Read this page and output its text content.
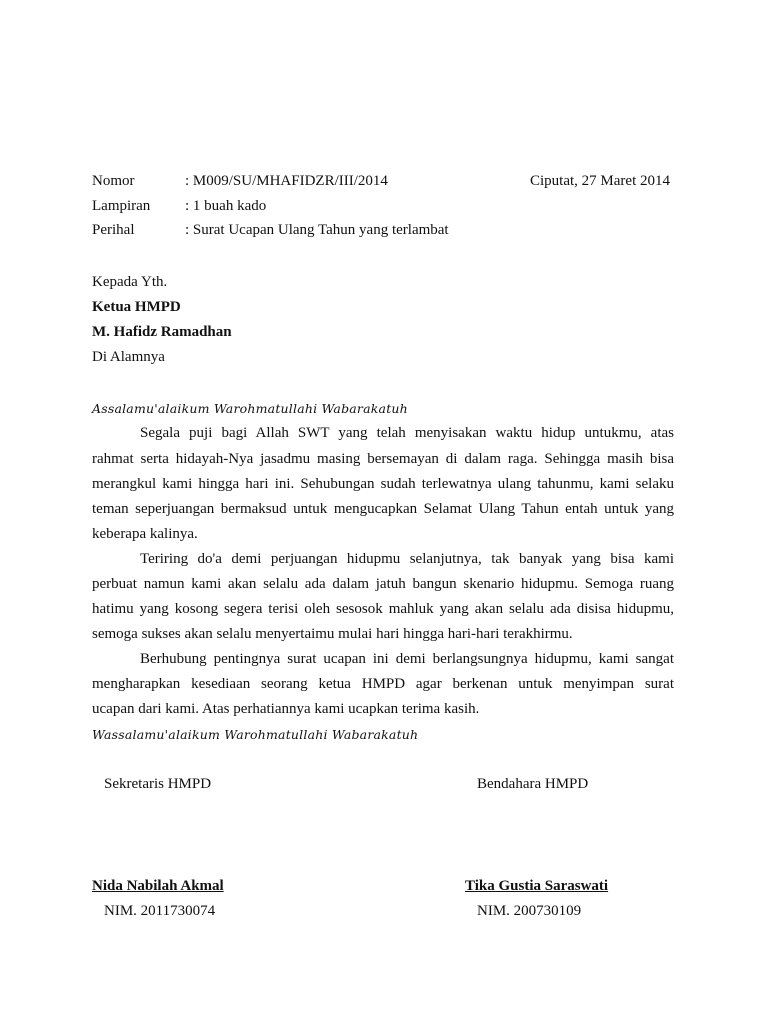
Nomor	: M009/SU/MHAFIDZR/III/2014	Ciputat, 27 Maret 2014
Lampiran : 1 buah kado
Perihal	: Surat Ucapan Ulang Tahun yang terlambat
Kepada Yth.
Ketua HMPD
M. Hafidz Ramadhan
Di Alamnya
Assalamu'alaikum Warohmatullahi Wabarakatuh
Segala puji bagi Allah SWT yang telah menyisakan waktu hidup untukmu, atas
rahmat serta hidayah-Nya jasadmu masing bersemayan di dalam raga. Sehingga masih bisa
merangkul kami hingga hari ini. Sehubungan sudah terlewatnya ulang tahunmu, kami selaku
teman seperjuangan bermaksud untuk mengucapkan Selamat Ulang Tahun entah untuk yang
keberapa kalinya.
Teriring do'a demi perjuangan hidupmu selanjutnya, tak banyak yang bisa kami
perbuat namun kami akan selalu ada dalam jatuh bangun skenario hidupmu. Semoga ruang
hatimu yang kosong segera terisi oleh sesosok mahluk yang akan selalu ada disisa hidupmu,
semoga sukses akan selalu menyertaimu mulai hari hingga hari-hari terakhirmu.
Berhubung pentingnya surat ucapan ini demi berlangsungnya hidupmu, kami sangat
mengharapkan kesediaan seorang ketua HMPD agar berkenan untuk menyimpan surat
ucapan dari kami. Atas perhatiannya kami ucapkan terima kasih.
Wassalamu'alaikum Warohmatullahi Wabarakatuh
Sekretaris HMPD	Bendahara HMPD
Nida Nabilah Akmal	Tika Gustia Saraswati
NIM. 2011730074	NIM. 200730109
